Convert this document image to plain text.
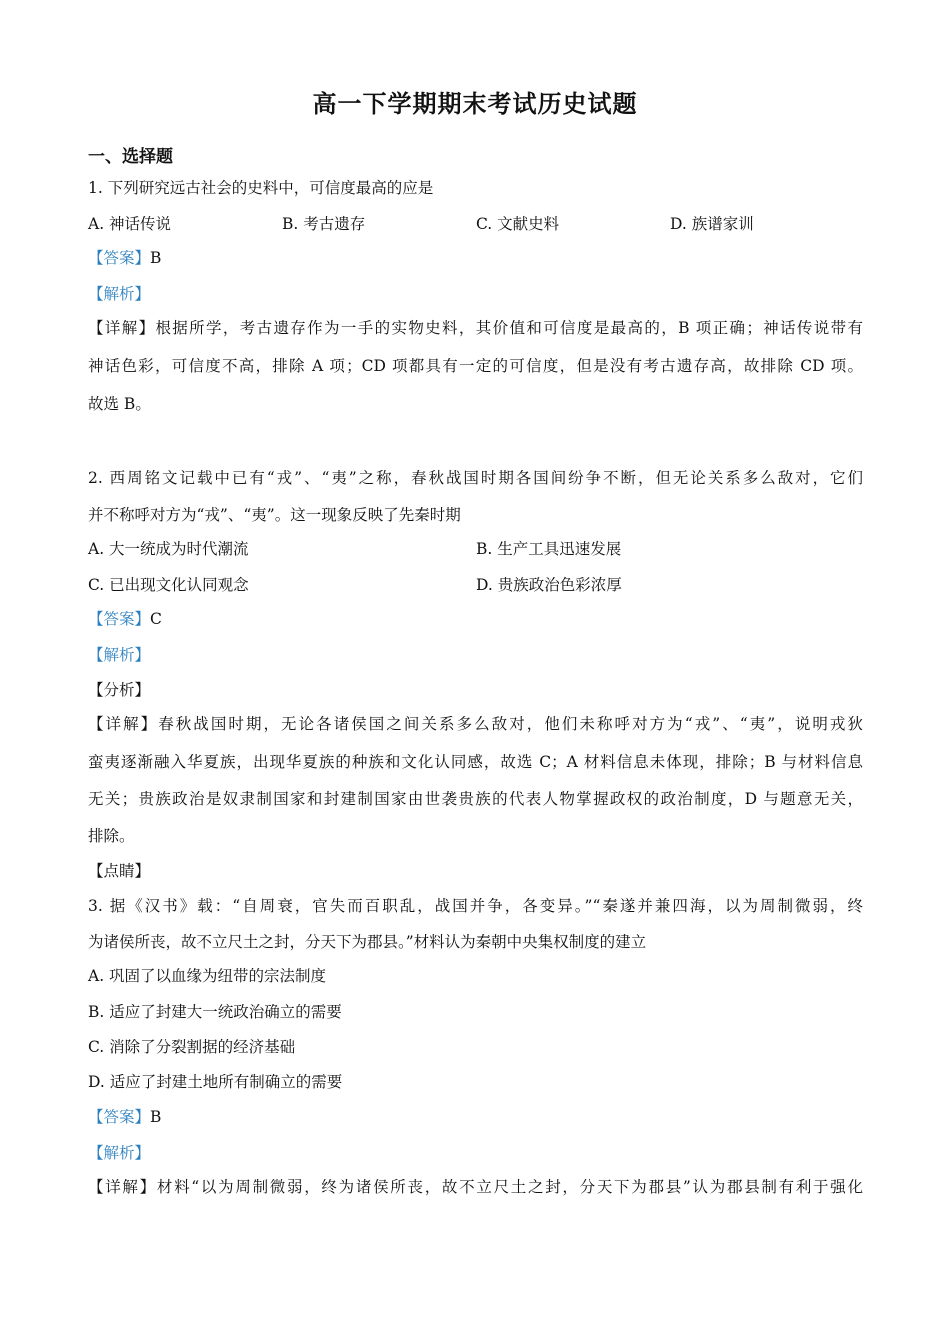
高一下学期期末考试历史试题
一、选择题
1. 下列研究远古社会的史料中，可信度最高的应是
A. 神话传说	B. 考古遗存	C. 文献史料	D. 族谱家训
【答案】B
【解析】
【详解】根据所学，考古遗存作为一手的实物史料，其价值和可信度是最高的，B 项正确；神话传说带有
神话色彩，可信度不高，排除 A 项；CD 项都具有一定的可信度，但是没有考古遗存高，故排除 CD 项。
故选 B。
2. 西周铭文记载中已有“戎”、“夷”之称，春秋战国时期各国间纷争不断，但无论关系多么敌对，它们
并不称呼对方为“戎”、“夷”。这一现象反映了先秦时期
A. 大一统成为时代潮流	B. 生产工具迅速发展
C. 已出现文化认同观念	D. 贵族政治色彩浓厚
【答案】C
【解析】
【分析】
【详解】春秋战国时期，无论各诸侯国之间关系多么敌对，他们未称呼对方为“戎”、“夷”，说明戎狄
蛮夷逐渐融入华夏族，出现华夏族的种族和文化认同感，故选 C；A 材料信息未体现，排除；B 与材料信息
无关；贵族政治是奴隶制国家和封建制国家由世袭贵族的代表人物掌握政权的政治制度，D 与题意无关，
排除。
【点睛】
3. 据《汉书》载：“自周衰，官失而百职乱，战国并争，各变异。”“秦遂并兼四海，以为周制微弱，终
为诸侯所丧，故不立尺土之封，分天下为郡县。”材料认为秦朝中央集权制度的建立
A. 巩固了以血缘为纽带的宗法制度
B. 适应了封建大一统政治确立的需要
C. 消除了分裂割据的经济基础
D. 适应了封建土地所有制确立的需要
【答案】B
【解析】
【详解】材料“以为周制微弱，终为诸侯所丧，故不立尺土之封，分天下为郡县”认为郡县制有利于强化
